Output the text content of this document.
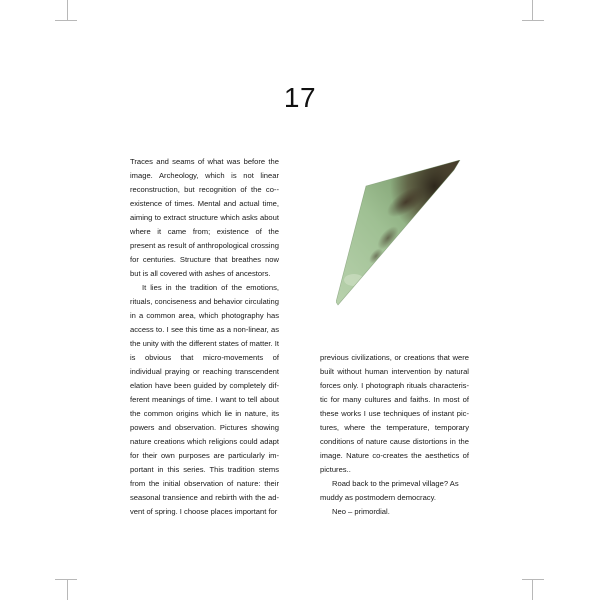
17

Traces and seams of what was before the image. Archeology, which is not linear reconstruction, but recognition of the co--existence of times. Mental and actual time, aiming to extract structure which asks about where it came from; existence of the present as result of anthropological crossing for centuries. Structure that breathes now but is all covered with ashes of ancestors.

It lies in the tradition of the emotions, rituals, conciseness and behavior circulating in a common area, which photography has access to. I see this time as a non-linear, as the unity with the different states of matter. It is obvious that micro-movements of individual praying or reaching transcendent elation have been guided by completely different meanings of time. I want to tell about the common origins which lie in nature, its powers and observation. Pictures showing nature creations which religions could adapt for their own purposes are particularly important in this series. This tradition stems from the initial observation of nature: their seasonal transience and rebirth with the advent of spring. I choose places important for

previous civilizations, or creations that were built without human intervention by natural forces only. I photograph rituals characteristic for many cultures and faiths. In most of these works I use techniques of instant pictures, where the temperature, temporary conditions of nature cause distortions in the image. Nature co-creates the aesthetics of pictures..

Road back to the primeval village? As muddy as postmodern democracy.

Neo – primordial.
